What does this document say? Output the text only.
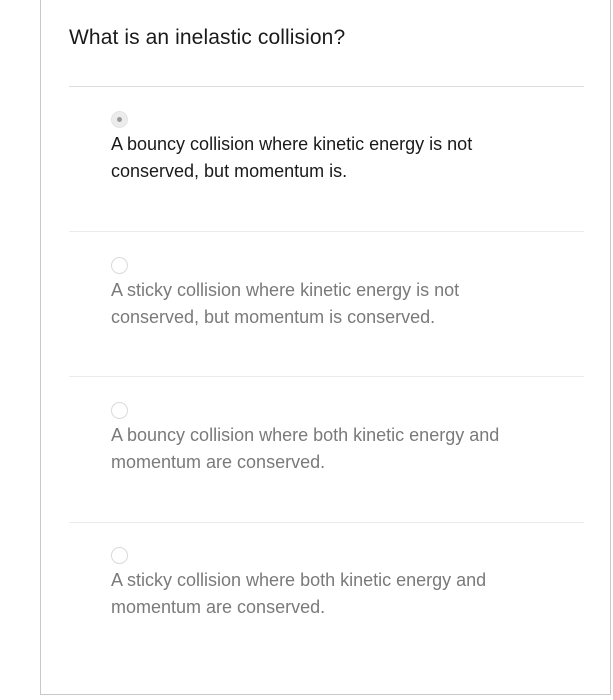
What is an inelastic collision?
A bouncy collision where kinetic energy is not conserved, but momentum is.
A sticky collision where kinetic energy is not conserved, but momentum is conserved.
A bouncy collision where both kinetic energy and momentum are conserved.
A sticky collision where both kinetic energy and momentum are conserved.
